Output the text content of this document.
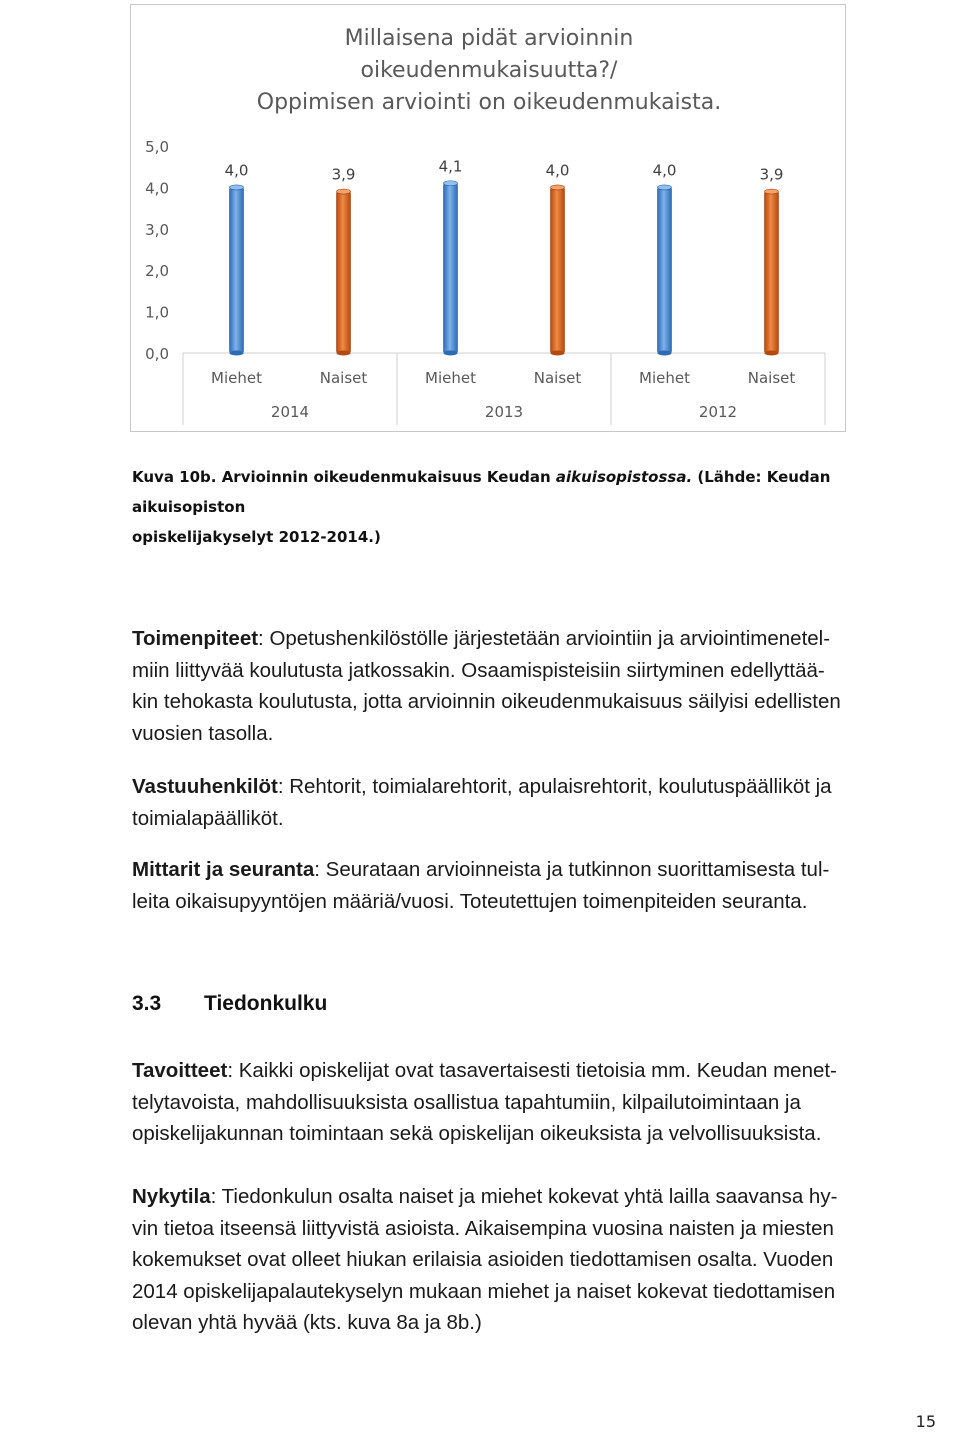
Millaisena pidät arvioinnin
oikeudenmukaisuutta?/
Oppimisen arviointi on oikeudenmukaista.
0,0
1,0
2,0
3,0
4,0
5,0
4,0
Miehet
3,9
Naiset
4,1
Miehet
4,0
Naiset
4,0
Miehet
3,9
Naiset
2014	2013	2012
Kuva 10b. Arvioinnin oikeudenmukaisuus Keudan aikuisopistossa. (Lähde: Keudan aikuisopiston
opiskelijakyselyt 2012-2014.)
Toimenpiteet: Opetushenkilöstölle järjestetään arviointiin ja arviointimenetel-
miin liittyvää koulutusta jatkossakin. Osaamispisteisiin siirtyminen edellyttää-
kin tehokasta koulutusta, jotta arvioinnin oikeudenmukaisuus säilyisi edellisten
vuosien tasolla.
Vastuuhenkilöt: Rehtorit, toimialarehtorit, apulaisrehtorit, koulutuspäälliköt ja
toimialapäälliköt.
Mittarit ja seuranta: Seurataan arvioinneista ja tutkinnon suorittamisesta tul-
leita oikaisupyyntöjen määriä/vuosi. Toteutettujen toimenpiteiden seuranta.
3.3 Tiedonkulku
Tavoitteet: Kaikki opiskelijat ovat tasavertaisesti tietoisia mm. Keudan menet-
telytavoista, mahdollisuuksista osallistua tapahtumiin, kilpailutoimintaan ja
opiskelijakunnan toimintaan sekä opiskelijan oikeuksista ja velvollisuuksista.
Nykytila: Tiedonkulun osalta naiset ja miehet kokevat yhtä lailla saavansa hy-
vin tietoa itseensä liittyvistä asioista. Aikaisempina vuosina naisten ja miesten
kokemukset ovat olleet hiukan erilaisia asioiden tiedottamisen osalta. Vuoden
2014 opiskelijapalautekyselyn mukaan miehet ja naiset kokevat tiedottamisen
olevan yhtä hyvää (kts. kuva 8a ja 8b.)
15
